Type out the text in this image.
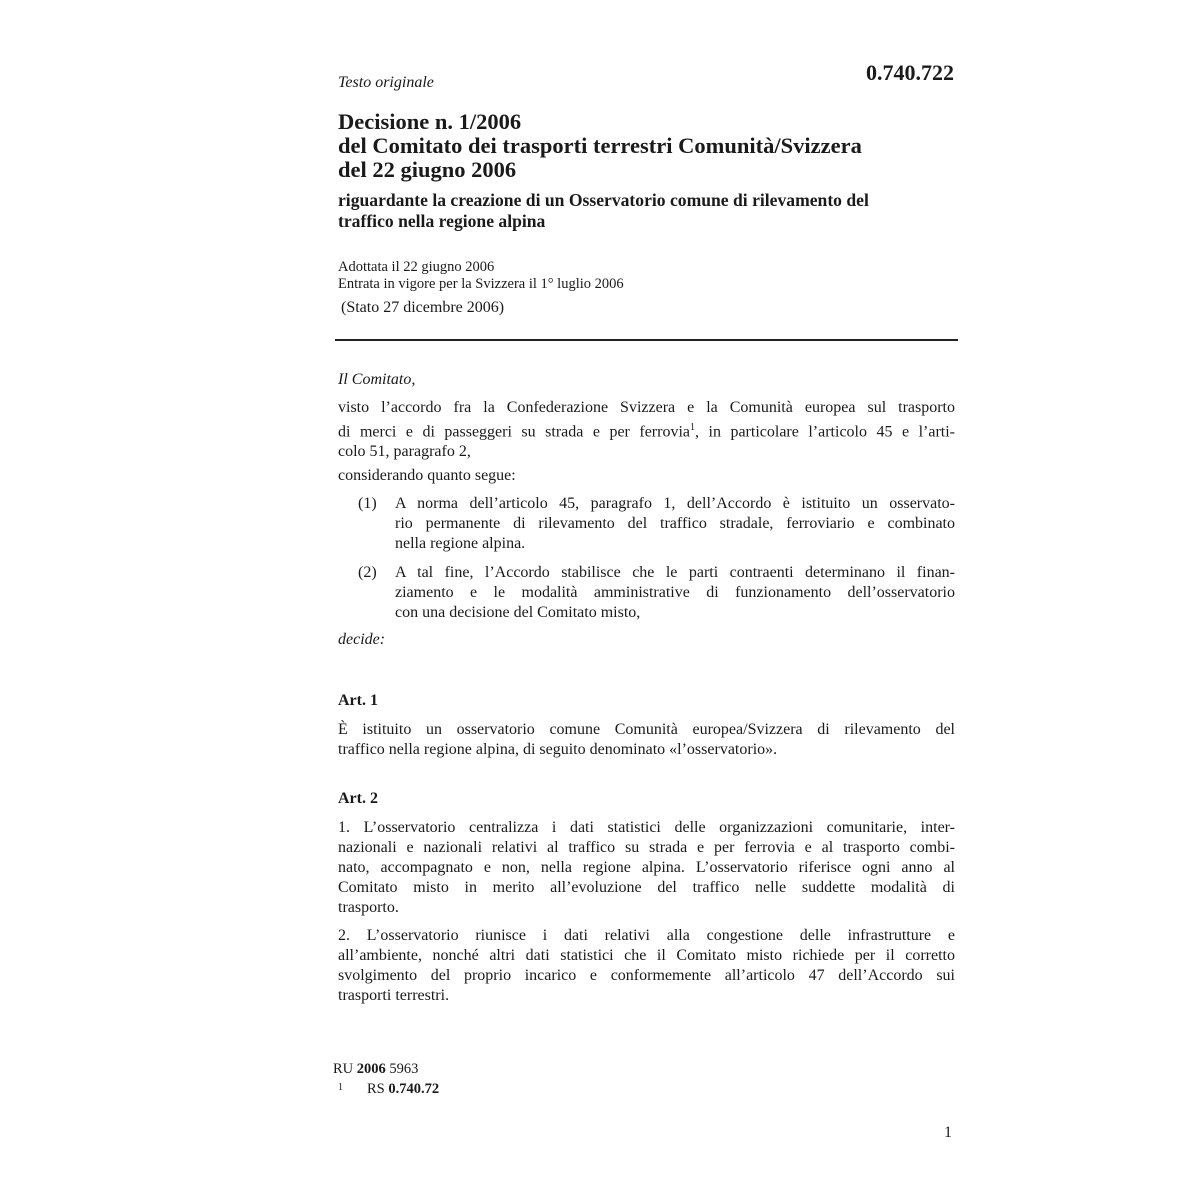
Testo originale	0.740.722
Decisione n. 1/2006
del Comitato dei trasporti terrestri Comunità/Svizzera
del 22 giugno 2006
riguardante la creazione di un Osservatorio comune di rilevamento del
traffico nella regione alpina
Adottata il 22 giugno 2006
Entrata in vigore per la Svizzera il 1° luglio 2006
(Stato 27 dicembre 2006)
Il Comitato,
visto l’accordo fra la Confederazione Svizzera e la Comunità europea sul trasporto
di merci e di passeggeri su strada e per ferrovia$^1$, in particolare l’articolo 45 e l’arti-
colo 51, paragrafo 2,
considerando quanto segue:
(1) A norma dell’articolo 45, paragrafo 1, dell’Accordo è istituito un osservato-
rio permanente di rilevamento del traffico stradale, ferroviario e combinato
nella regione alpina.
(2) A tal fine, l’Accordo stabilisce che le parti contraenti determinano il finan-
ziamento e le modalità amministrative di funzionamento dell’osservatorio
con una decisione del Comitato misto,
decide:
Art. 1
È istituito un osservatorio comune Comunità europea/Svizzera di rilevamento del
traffico nella regione alpina, di seguito denominato «l’osservatorio».
Art. 2
1. L’osservatorio centralizza i dati statistici delle organizzazioni comunitarie, inter-
nazionali e nazionali relativi al traffico su strada e per ferrovia e al trasporto combi-
nato, accompagnato e non, nella regione alpina. L’osservatorio riferisce ogni anno al
Comitato misto in merito all’evoluzione del traffico nelle suddette modalità di
trasporto.
2. L’osservatorio riunisce i dati relativi alla congestione delle infrastrutture e
all’ambiente, nonché altri dati statistici che il Comitato misto richiede per il corretto
svolgimento del proprio incarico e conformemente all’articolo 47 dell’Accordo sui
trasporti terrestri.
RU 2006 5963
$^1$ RS 0.740.72
1
